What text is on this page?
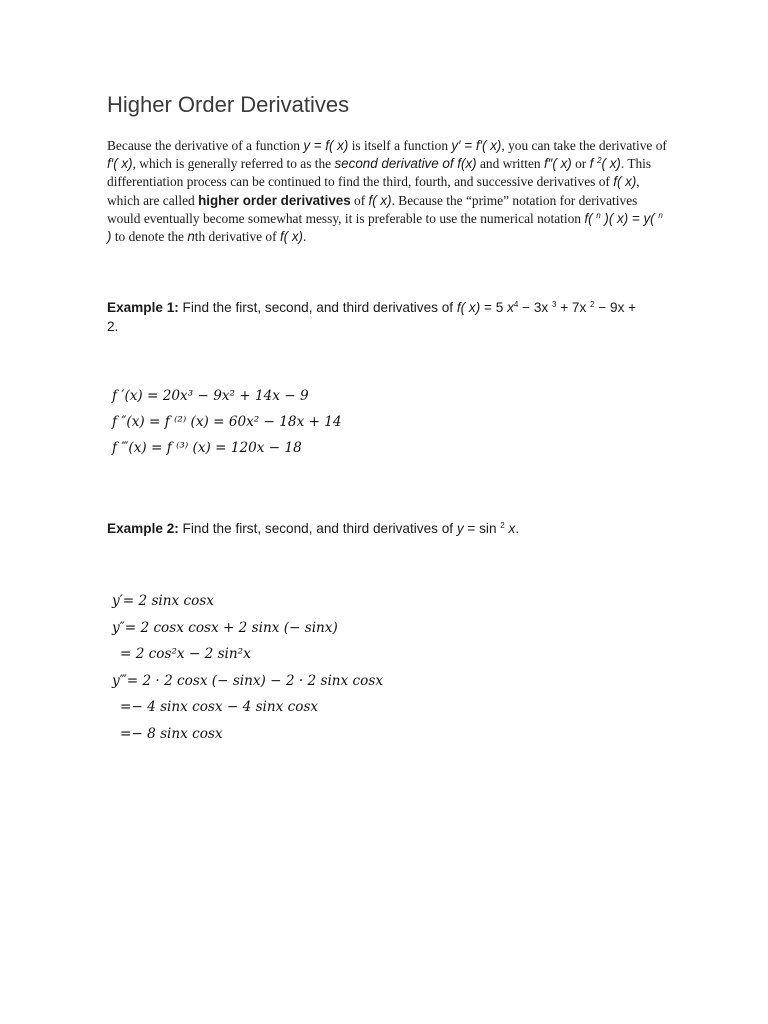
Higher Order Derivatives

Because the derivative of a function y = f( x) is itself a function y′ = f′( x), you can take the derivative of f′( x), which is generally referred to as the second derivative of f(x) and written f″( x) or f $^2$( x). This differentiation process can be continued to find the third, fourth, and successive derivatives of f( x), which are called higher order derivatives of f( x). Because the “prime” notation for derivatives would eventually become somewhat messy, it is preferable to use the numerical notation f( $^n$ )( x) = y( $^n$ ) to denote the nth derivative of f( x).

Example 1: Find the first, second, and third derivatives of f( x) = 5 $x^4 - 3x$ $^3$ + 7x $^2$ − 9x + 2.

f ′(x) = 20x³ − 9x² + 14x − 9
f ″(x) = f ⁽²⁾ (x) = 60x² − 18x + 14
f ‴(x) = f ⁽³⁾ (x) = 120x − 18

Example 2: Find the first, second, and third derivatives of y = sin $^2$ x.

y′= 2 sinx cosx
y″= 2 cosx cosx + 2 sinx (− sinx)
= 2 cos²x − 2 sin²x
y‴= 2 · 2 cosx (− sinx) − 2 · 2 sinx cosx
=− 4 sinx cosx − 4 sinx cosx
=− 8 sinx cosx
